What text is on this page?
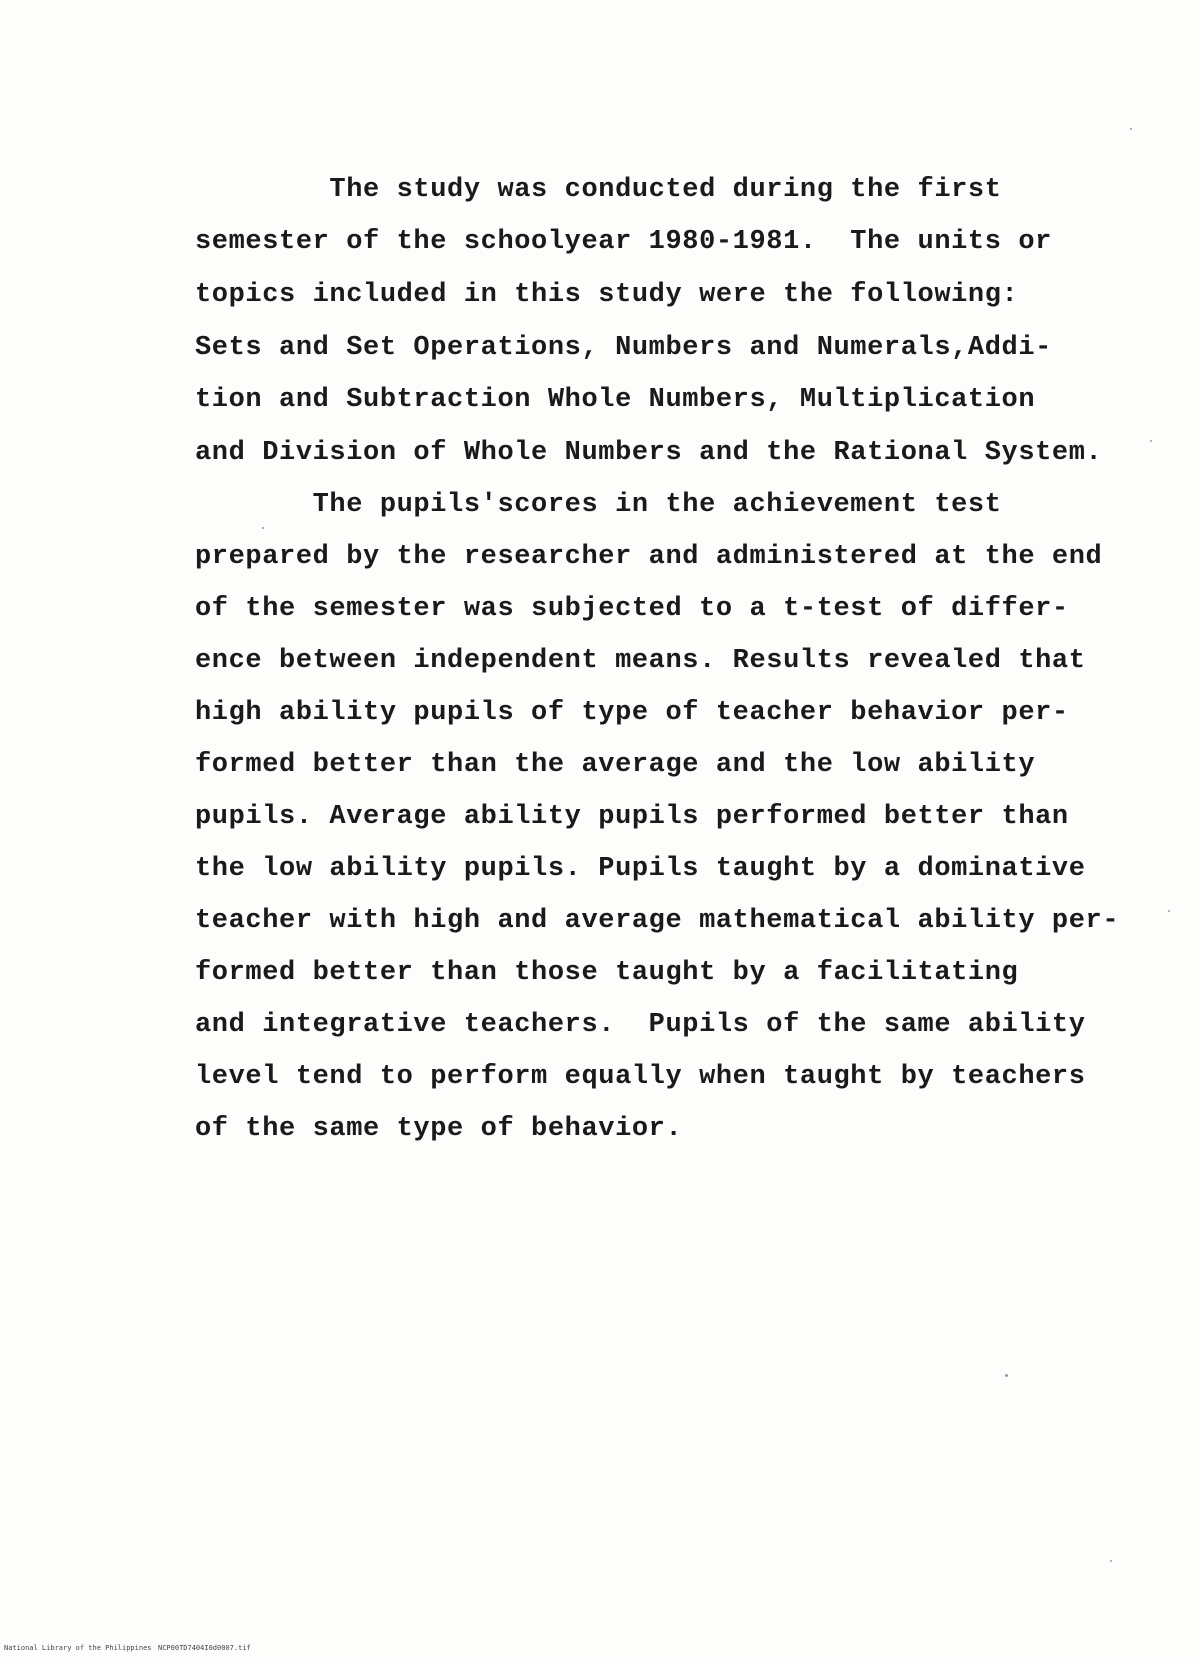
The study was conducted during the first
semester of the schoolyear 1980-1981.  The units or
topics included in this study were the following:
Sets and Set Operations, Numbers and Numerals,Addi-
tion and Subtraction Whole Numbers, Multiplication
and Division of Whole Numbers and the Rational System.
The pupils'scores in the achievement test
prepared by the researcher and administered at the end
of the semester was subjected to a t-test of differ-
ence between independent means. Results revealed that
high ability pupils of type of teacher behavior per-
formed better than the average and the low ability
pupils. Average ability pupils performed better than
the low ability pupils. Pupils taught by a dominative
teacher with high and average mathematical ability per-
formed better than those taught by a facilitating
and integrative teachers.  Pupils of the same ability
level tend to perform equally when taught by teachers
of the same type of behavior.
National Library of the Philippines NCP00TD7404I0d0007.tif
